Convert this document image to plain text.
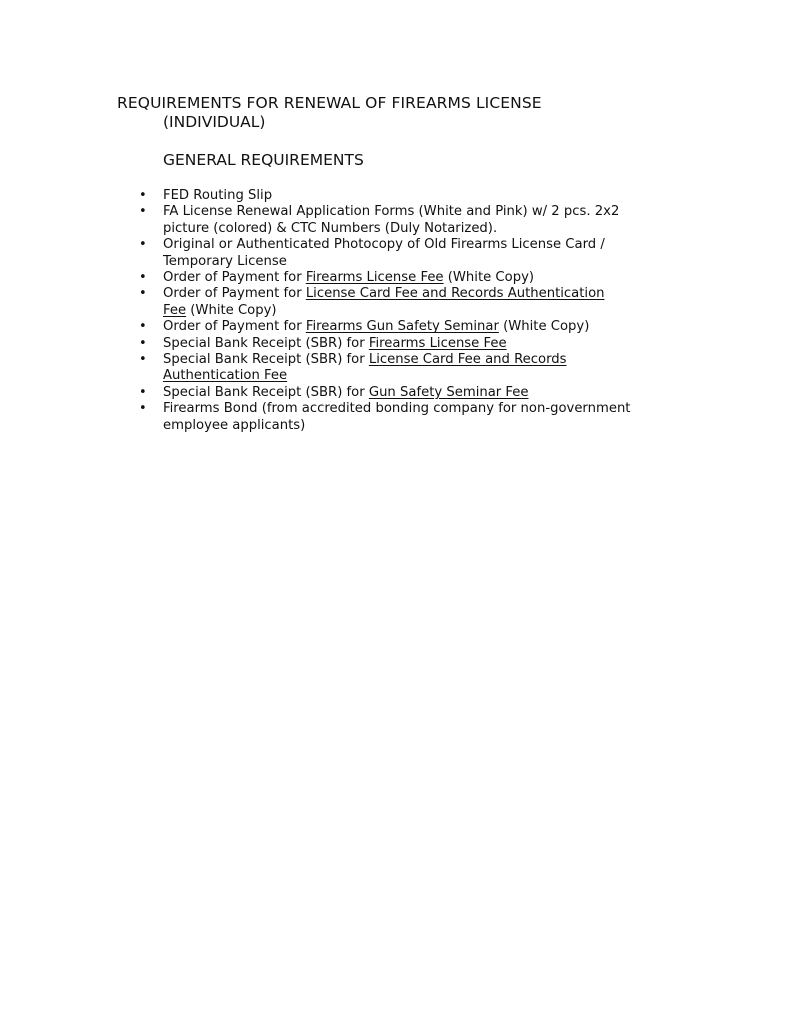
REQUIREMENTS FOR RENEWAL OF FIREARMS LICENSE
(INDIVIDUAL)
GENERAL REQUIREMENTS
• FED Routing Slip
• FA License Renewal Application Forms (White and Pink) w/ 2 pcs. 2x2
picture (colored) & CTC Numbers (Duly Notarized).
• Original or Authenticated Photocopy of Old Firearms License Card /
Temporary License
• Order of Payment for Firearms License Fee (White Copy)
• Order of Payment for License Card Fee and Records Authentication
Fee (White Copy)
• Order of Payment for Firearms Gun Safety Seminar (White Copy)
• Special Bank Receipt (SBR) for Firearms License Fee
• Special Bank Receipt (SBR) for License Card Fee and Records
Authentication Fee
• Special Bank Receipt (SBR) for Gun Safety Seminar Fee
• Firearms Bond (from accredited bonding company for non-government
employee applicants)
